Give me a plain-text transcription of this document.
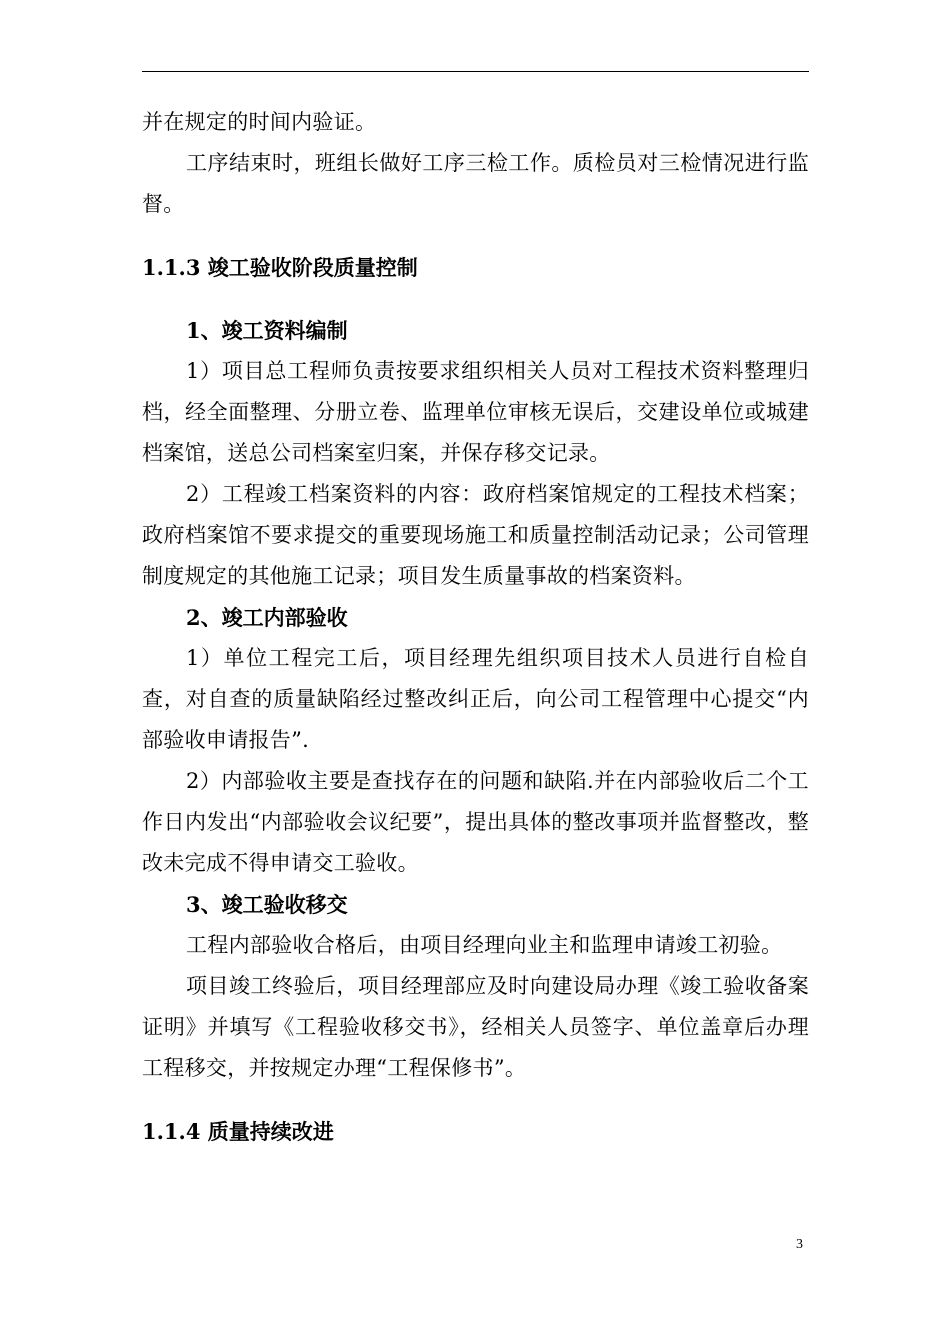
并在规定的时间内验证。

工序结束时，班组长做好工序三检工作。质检员对三检情况进行监督。

1.1.3 竣工验收阶段质量控制
1、竣工资料编制

1）项目总工程师负责按要求组织相关人员对工程技术资料整理归档，经全面整理、分册立卷、监理单位审核无误后，交建设单位或城建档案馆，送总公司档案室归案，并保存移交记录。

2）工程竣工档案资料的内容：政府档案馆规定的工程技术档案；政府档案馆不要求提交的重要现场施工和质量控制活动记录；公司管理制度规定的其他施工记录；项目发生质量事故的档案资料。

2、竣工内部验收

1）单位工程完工后，项目经理先组织项目技术人员进行自检自查，对自查的质量缺陷经过整改纠正后，向公司工程管理中心提交“内部验收申请报告”.

2）内部验收主要是查找存在的问题和缺陷.并在内部验收后二个工作日内发出“内部验收会议纪要”，提出具体的整改事项并监督整改，整改未完成不得申请交工验收。

3、竣工验收移交

工程内部验收合格后，由项目经理向业主和监理申请竣工初验。

项目竣工终验后，项目经理部应及时向建设局办理《竣工验收备案证明》并填写《工程验收移交书》，经相关人员签字、单位盖章后办理工程移交，并按规定办理“工程保修书”。

1.1.4 质量持续改进
3
